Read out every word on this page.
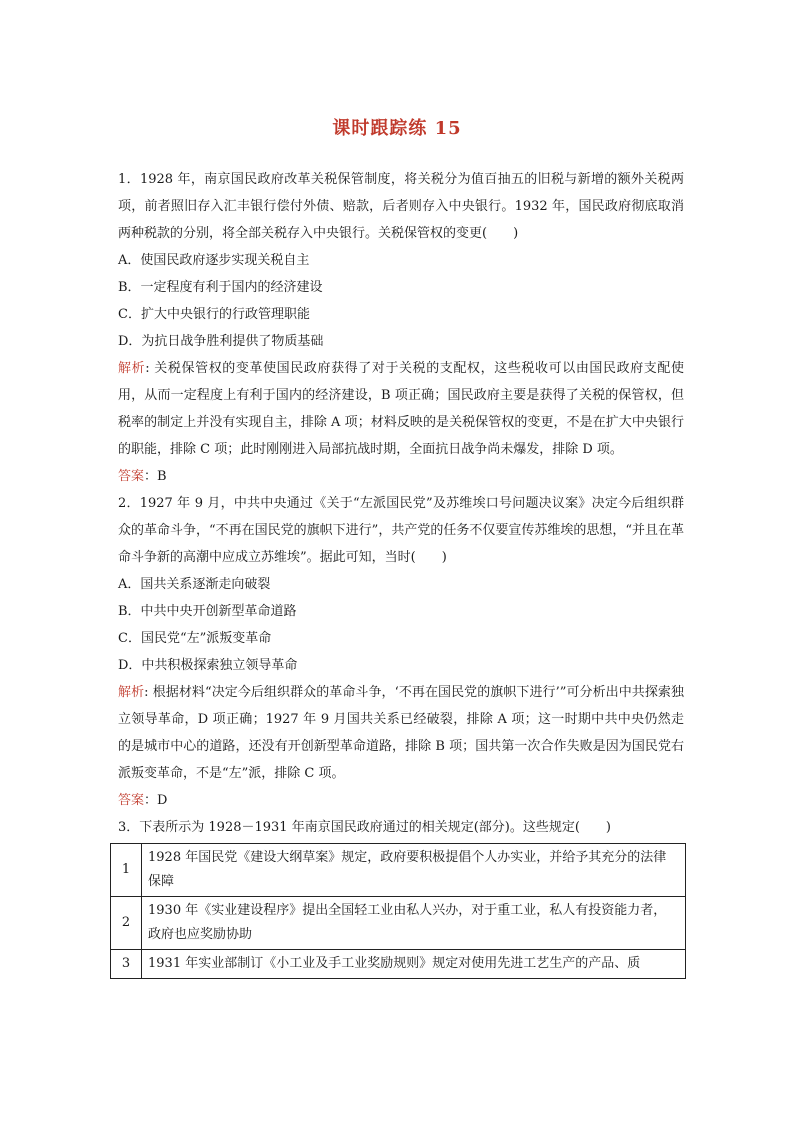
课时跟踪练 15

1．1928 年，南京国民政府改革关税保管制度，将关税分为值百抽五的旧税与新增的额外关税两项，前者照旧存入汇丰银行偿付外债、赔款，后者则存入中央银行。1932 年，国民政府彻底取消两种税款的分别，将全部关税存入中央银行。关税保管权的变更(　　)

A．使国民政府逐步实现关税自主

B．一定程度有利于国内的经济建设

C．扩大中央银行的行政管理职能

D．为抗日战争胜利提供了物质基础

解析: 关税保管权的变革使国民政府获得了对于关税的支配权，这些税收可以由国民政府支配使用，从而一定程度上有利于国内的经济建设，B 项正确；国民政府主要是获得了关税的保管权，但税率的制定上并没有实现自主，排除 A 项；材料反映的是关税保管权的变更，不是在扩大中央银行的职能，排除 C 项；此时刚刚进入局部抗战时期，全面抗日战争尚未爆发，排除 D 项。

答案：B

2．1927 年 9 月，中共中央通过《关于“左派国民党”及苏维埃口号问题决议案》决定今后组织群众的革命斗争，“不再在国民党的旗帜下进行”，共产党的任务不仅要宣传苏维埃的思想，“并且在革命斗争新的高潮中应成立苏维埃”。据此可知，当时(　　)

A．国共关系逐渐走向破裂

B．中共中央开创新型革命道路

C．国民党“左”派叛变革命

D．中共积极探索独立领导革命

解析: 根据材料“决定今后组织群众的革命斗争，‘不再在国民党的旗帜下进行’”可分析出中共探索独立领导革命，D 项正确；1927 年 9 月国共关系已经破裂，排除 A 项；这一时期中共中央仍然走的是城市中心的道路，还没有开创新型革命道路，排除 B 项；国共第一次合作失败是因为国民党右派叛变革命，不是“左”派，排除 C 项。

答案：D

3．下表所示为 1928－1931 年南京国民政府通过的相关规定(部分)。这些规定(　　)

1	1928 年国民党《建设大纲草案》规定，政府要积极提倡个人办实业，并给予其充分的法律保障
2	1930 年《实业建设程序》提出全国轻工业由私人兴办，对于重工业，私人有投资能力者，政府也应奖励协助
3	1931 年实业部制订《小工业及手工业奖励规则》规定对使用先进工艺生产的产品、质
